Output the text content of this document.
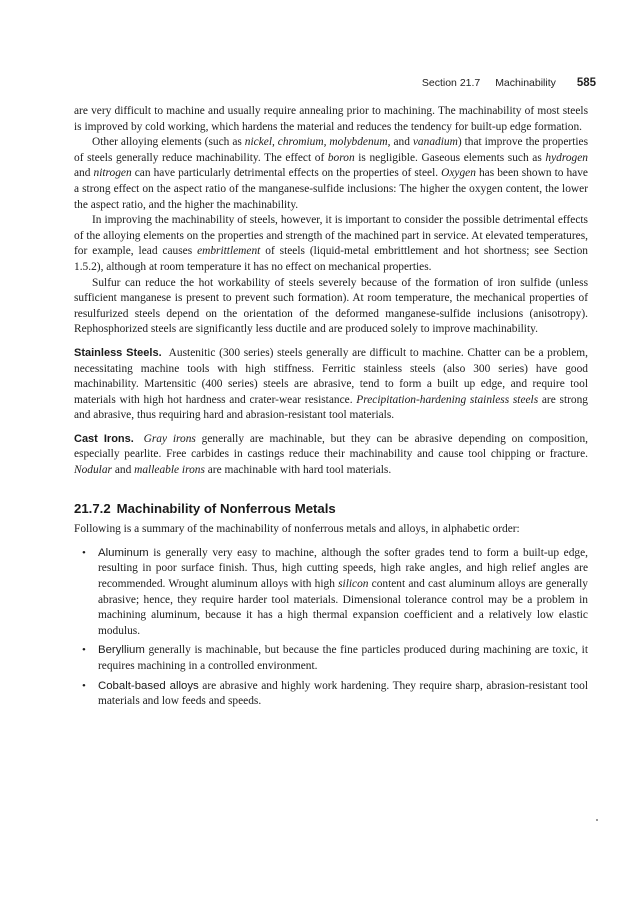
Section 21.7 Machinability 585

are very difficult to machine and usually require annealing prior to machining. The machinability of most steels is improved by cold working, which hardens the material and reduces the tendency for built-up edge formation.

Other alloying elements (such as nickel, chromium, molybdenum, and vanadium) that improve the properties of steels generally reduce machinability. The effect of boron is negligible. Gaseous elements such as hydrogen and nitrogen can have particularly detrimental effects on the properties of steel. Oxygen has been shown to have a strong effect on the aspect ratio of the manganese-sulfide inclusions: The higher the oxygen content, the lower the aspect ratio, and the higher the machinability.

In improving the machinability of steels, however, it is important to consider the possible detrimental effects of the alloying elements on the properties and strength of the machined part in service. At elevated temperatures, for example, lead causes embrittlement of steels (liquid-metal embrittlement and hot shortness; see Section 1.5.2), although at room temperature it has no effect on mechanical properties.

Sulfur can reduce the hot workability of steels severely because of the formation of iron sulfide (unless sufficient manganese is present to prevent such formation). At room temperature, the mechanical properties of resulfurized steels depend on the orientation of the deformed manganese-sulfide inclusions (anisotropy). Rephosphorized steels are significantly less ductile and are produced solely to improve machinability.

Stainless Steels. Austenitic (300 series) steels generally are difficult to machine. Chatter can be a problem, necessitating machine tools with high stiffness. Ferritic stainless steels (also 300 series) have good machinability. Martensitic (400 series) steels are abrasive, tend to form a built up edge, and require tool materials with high hot hardness and crater-wear resistance. Precipitation-hardening stainless steels are strong and abrasive, thus requiring hard and abrasion-resistant tool materials.

Cast Irons. Gray irons generally are machinable, but they can be abrasive depending on composition, especially pearlite. Free carbides in castings reduce their machinability and cause tool chipping or fracture. Nodular and malleable irons are machinable with hard tool materials.

21.7.2 Machinability of Nonferrous Metals

Following is a summary of the machinability of nonferrous metals and alloys, in alphabetic order:

• Aluminum is generally very easy to machine, although the softer grades tend to form a built-up edge, resulting in poor surface finish. Thus, high cutting speeds, high rake angles, and high relief angles are recommended. Wrought aluminum alloys with high silicon content and cast aluminum alloys are generally abrasive; hence, they require harder tool materials. Dimensional tolerance control may be a problem in machining aluminum, because it has a high thermal expansion coefficient and a relatively low elastic modulus.
• Beryllium generally is machinable, but because the fine particles produced during machining are toxic, it requires machining in a controlled environment.
• Cobalt-based alloys are abrasive and highly work hardening. They require sharp, abrasion-resistant tool materials and low feeds and speeds.
